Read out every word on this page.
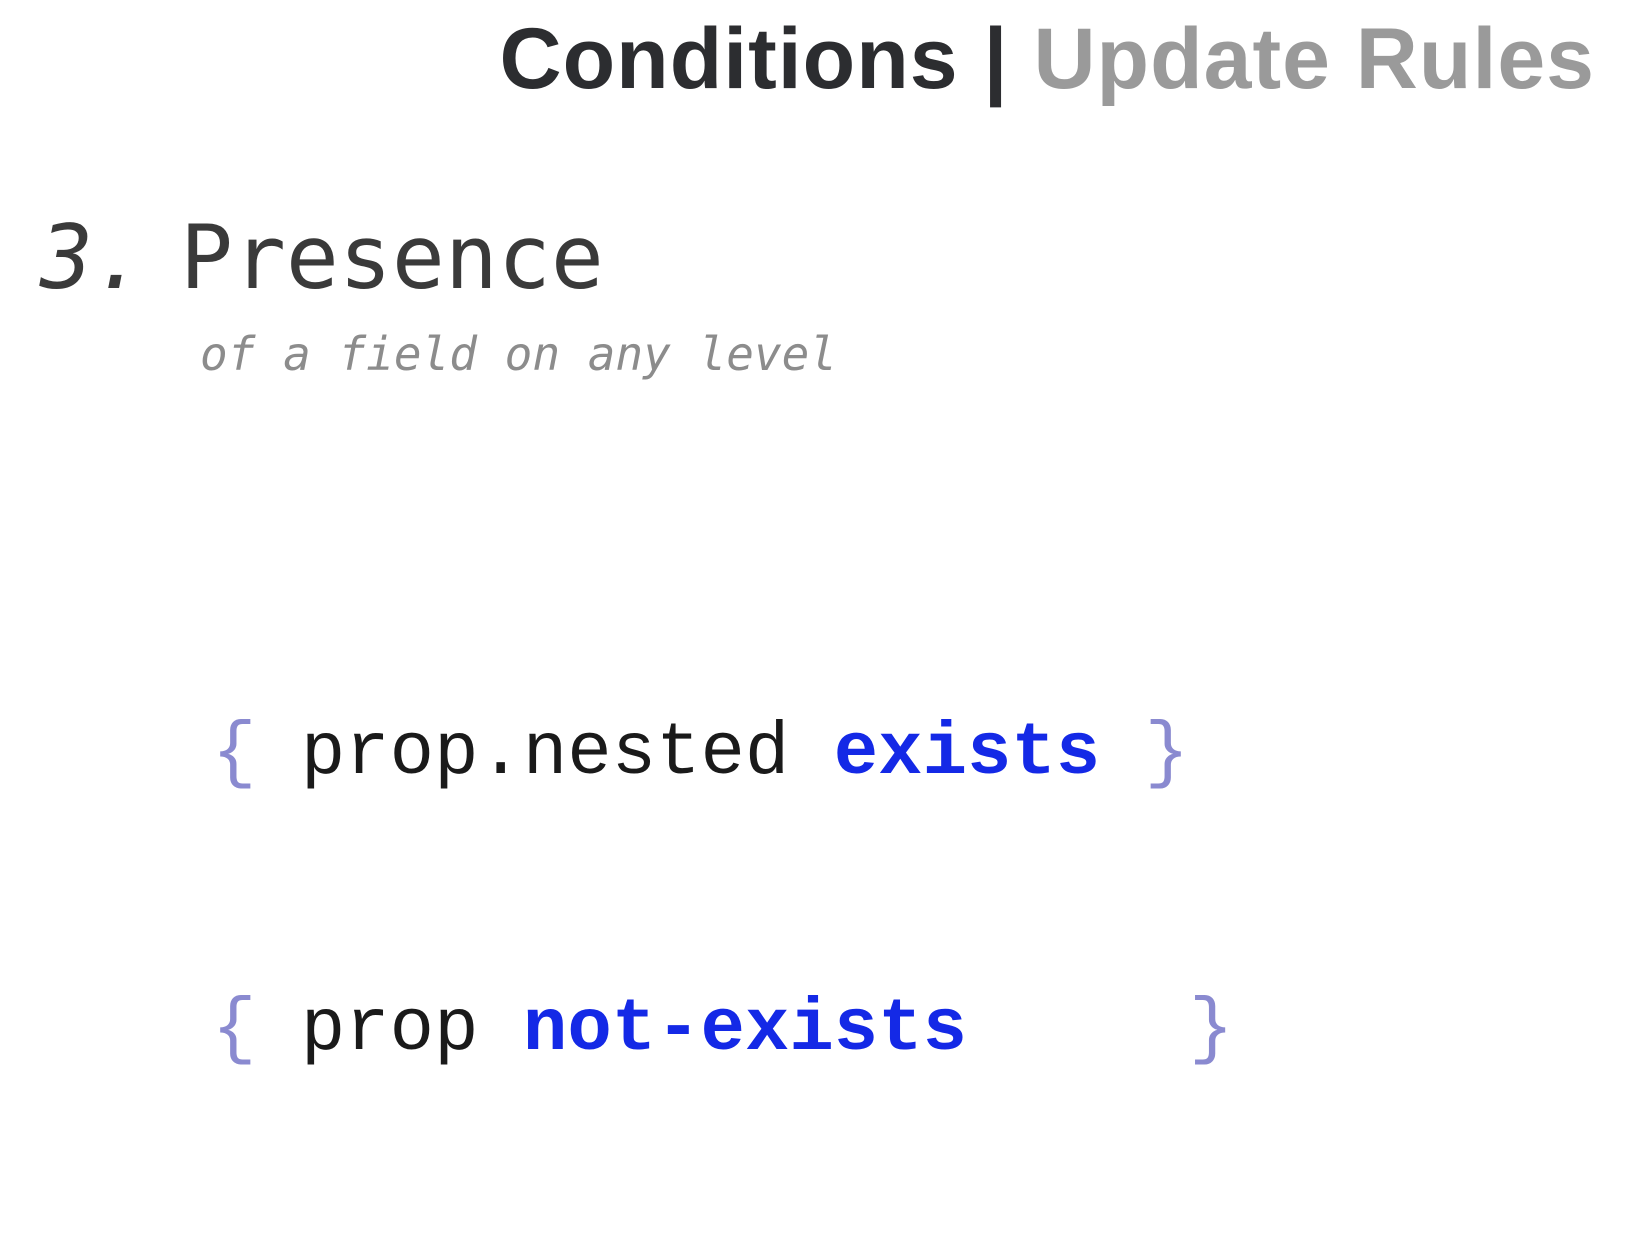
Conditions | Update Rules
3. Presence
of a field on any level

{ prop.nested exists }

{ prop not-exists	}
